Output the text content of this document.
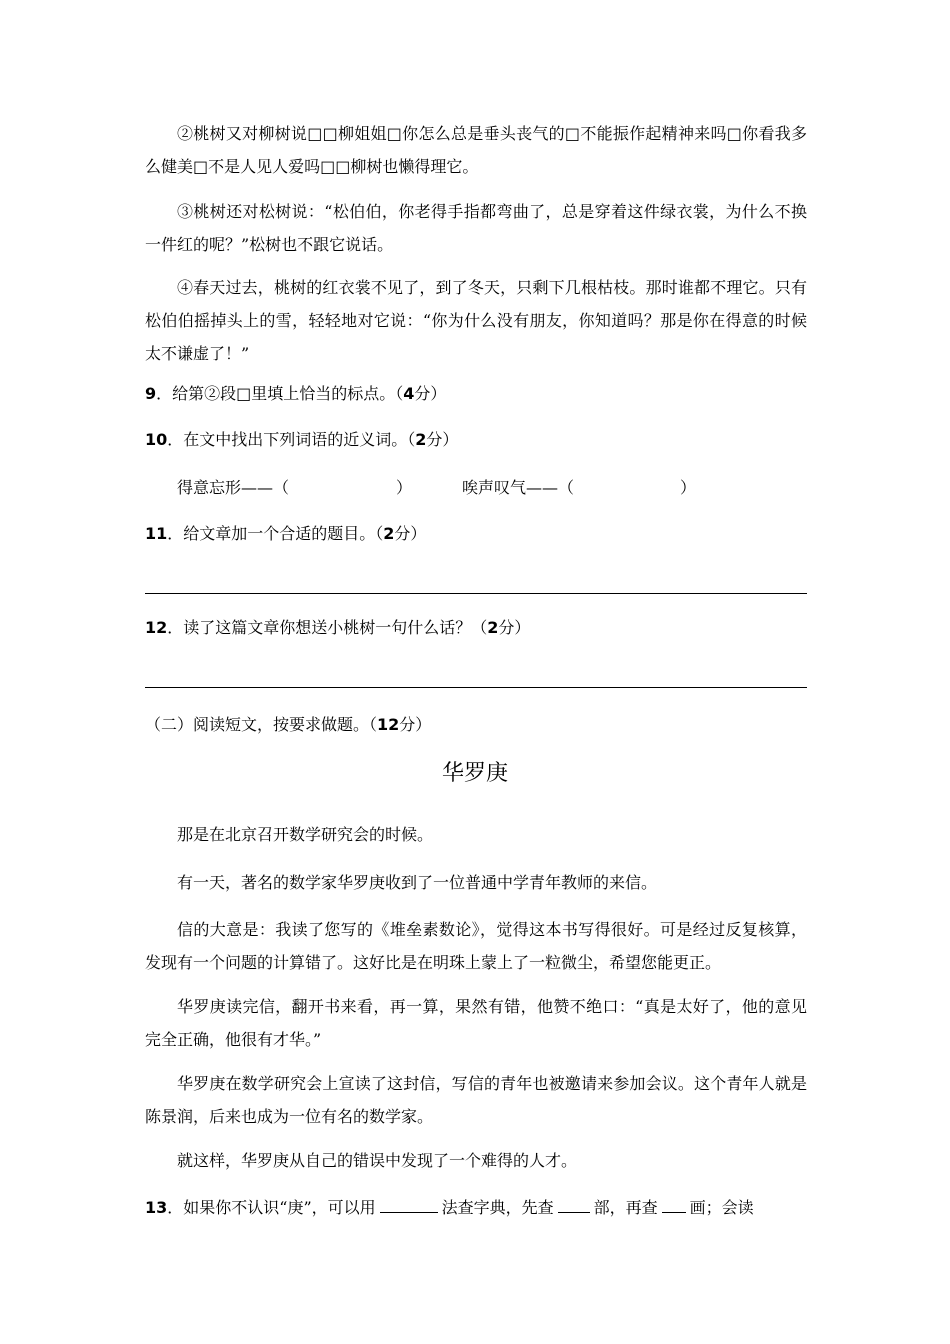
②桃树又对柳树说□□柳姐姐□你怎么总是垂头丧气的□不能振作起精神来吗□你看我多么健美□不是人见人爱吗□□柳树也懒得理它。

③桃树还对松树说：“松伯伯，你老得手指都弯曲了，总是穿着这件绿衣裳，为什么不换一件红的呢？”松树也不跟它说话。

④春天过去，桃树的红衣裳不见了，到了冬天，只剩下几根枯枝。那时谁都不理它。只有松伯伯摇掉头上的雪，轻轻地对它说：“你为什么没有朋友，你知道吗？那是你在得意的时候太不谦虚了！”

9．给第②段□里填上恰当的标点。（4分）

10．在文中找出下列词语的近义词。（2分）

得意忘形——（	）	唉声叹气——（	）

11．给文章加一个合适的题目。（2分）

12．读了这篇文章你想送小桃树一句什么话？（2分）

（二）阅读短文，按要求做题。（12分）

华罗庚

那是在北京召开数学研究会的时候。

有一天，著名的数学家华罗庚收到了一位普通中学青年教师的来信。

信的大意是：我读了您写的《堆垒素数论》，觉得这本书写得很好。可是经过反复核算，发现有一个问题的计算错了。这好比是在明珠上蒙上了一粒微尘，希望您能更正。

华罗庚读完信，翻开书来看，再一算，果然有错，他赞不绝口：“真是太好了，他的意见完全正确，他很有才华。”

华罗庚在数学研究会上宣读了这封信，写信的青年也被邀请来参加会议。这个青年人就是陈景润，后来也成为一位有名的数学家。

就这样，华罗庚从自己的错误中发现了一个难得的人才。

13．如果你不认识“庚”，可以用	法查字典，先查	部，再查 画；会读
